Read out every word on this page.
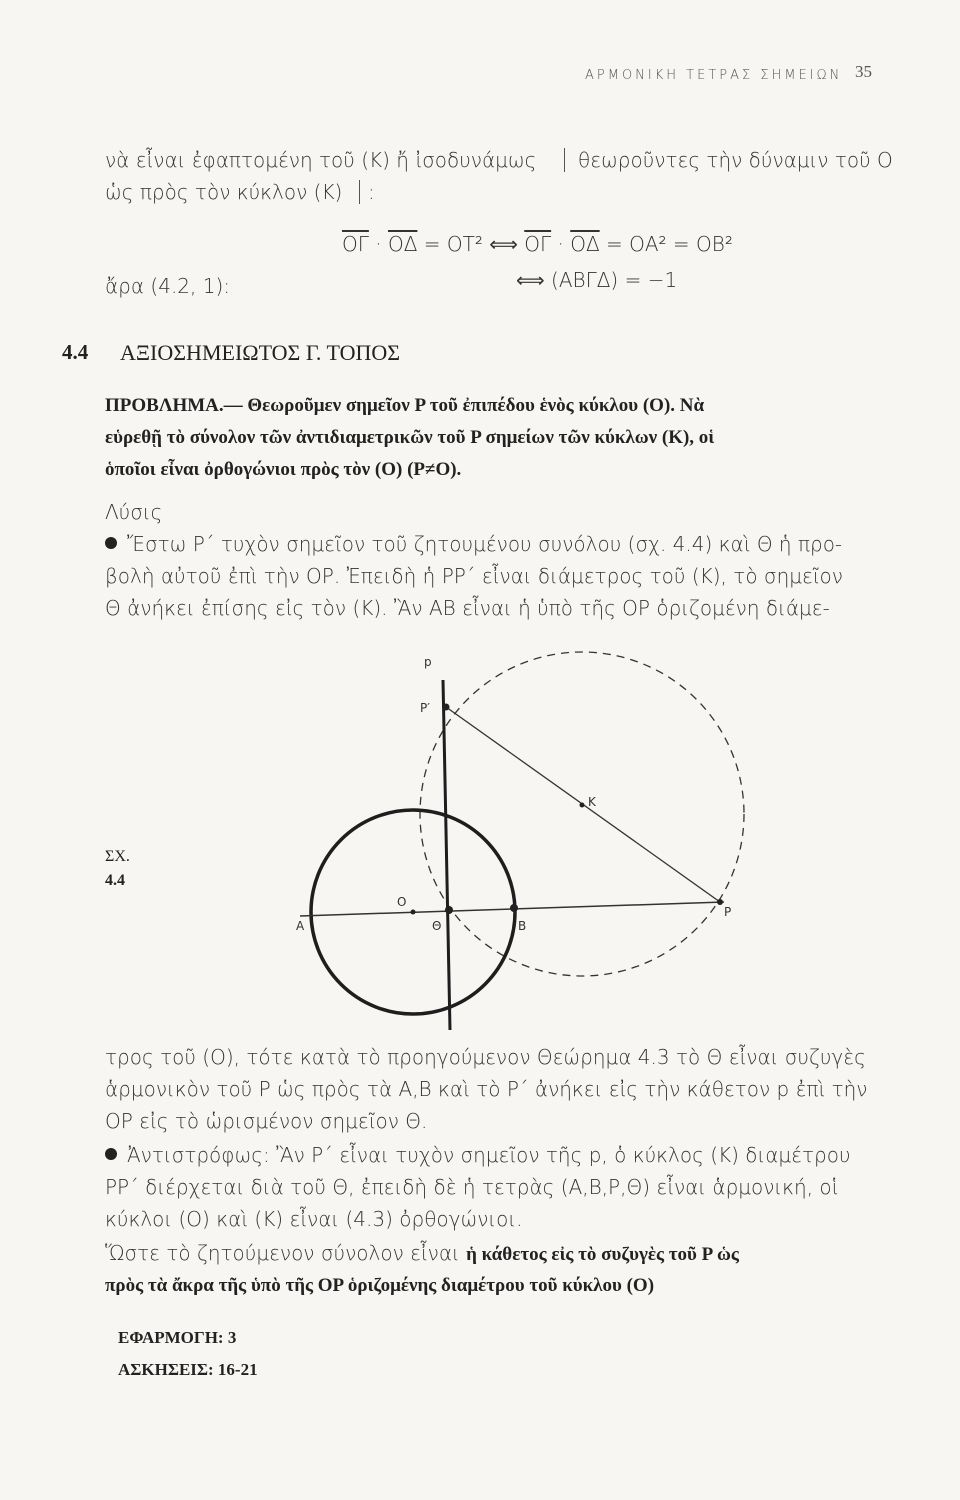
ΑΡΜΟΝΙΚΗ ΤΕΤΡΑΣ ΣΗΜΕΙΩΝ 35
νὰ εἶναι ἐφαπτομένη τοῦ (Κ) ἤ ἰσοδυνάμως θεωροῦντες τὴν δύναμιν τοῦ Ο
ὡς πρὸς τὸν κύκλον (Κ) :
$\overline{O\Gamma} \cdot \overline{O\Delta} = OT^2$ ⟺ $\overline{O\Gamma} \cdot \overline{O\Delta} = OA^2 = OB^2$
ἄρα (4.2, 1):	⟺ (ΑΒΓΔ) = −1
4.4 ΑΞΙΟΣΗΜΕΙΩΤΟΣ Γ. ΤΟΠΟΣ
ΠΡΟΒΛΗΜΑ.— Θεωροῦμεν σημεῖον Ρ τοῦ ἐπιπέδου ἑνὸς κύκλου (Ο). Νὰ
εὑρεθῇ τὸ σύνολον τῶν ἀντιδιαμετρικῶν τοῦ Ρ σημείων τῶν κύκλων (Κ), οἱ
ὁποῖοι εἶναι ὀρθογώνιοι πρὸς τὸν (Ο) (Ρ≠Ο).
Λύσις
Ἔστω Ρ΄ τυχὸν σημεῖον τοῦ ζητουμένου συνόλου (σχ. 4.4) καὶ Θ ἡ προ-
βολὴ αὐτοῦ ἐπὶ τὴν ΟΡ. Ἐπειδὴ ἡ ΡΡ΄ εἶναι διάμετρος τοῦ (Κ), τὸ σημεῖον
Θ ἀνήκει ἐπίσης εἰς τὸν (Κ). Ἂν ΑΒ εἶναι ἡ ὑπὸ τῆς ΟΡ ὁριζομένη διάμε-
p
P′
K
O
A	Θ	B
P
ΣΧ.
4.4
τρος τοῦ (Ο), τότε κατὰ τὸ προηγούμενον Θεώρημα 4.3 τὸ Θ εἶναι συζυγὲς
ἁρμονικὸν τοῦ Ρ ὡς πρὸς τὰ Α,Β καὶ τὸ Ρ΄ ἀνήκει εἰς τὴν κάθετον p ἐπὶ τὴν
ΟΡ εἰς τὸ ὡρισμένον σημεῖον Θ.
Ἀντιστρόφως: Ἂν Ρ΄ εἶναι τυχὸν σημεῖον τῆς p, ὁ κύκλος (Κ) διαμέτρου
ΡΡ΄ διέρχεται διὰ τοῦ Θ, ἐπειδὴ δὲ ἡ τετρὰς (Α,Β,Ρ,Θ) εἶναι ἁρμονική, οἱ
κύκλοι (Ο) καὶ (Κ) εἶναι (4.3) ὀρθογώνιοι.
Ὥστε τὸ ζητούμενον σύνολον εἶναι ἡ κάθετος εἰς τὸ συζυγὲς τοῦ Ρ ὡς
πρὸς τὰ ἄκρα τῆς ὑπὸ τῆς ΟΡ ὁριζομένης διαμέτρου τοῦ κύκλου (Ο)
ΕΦΑΡΜΟΓΗ: 3
ΑΣΚΗΣΕΙΣ: 16-21
